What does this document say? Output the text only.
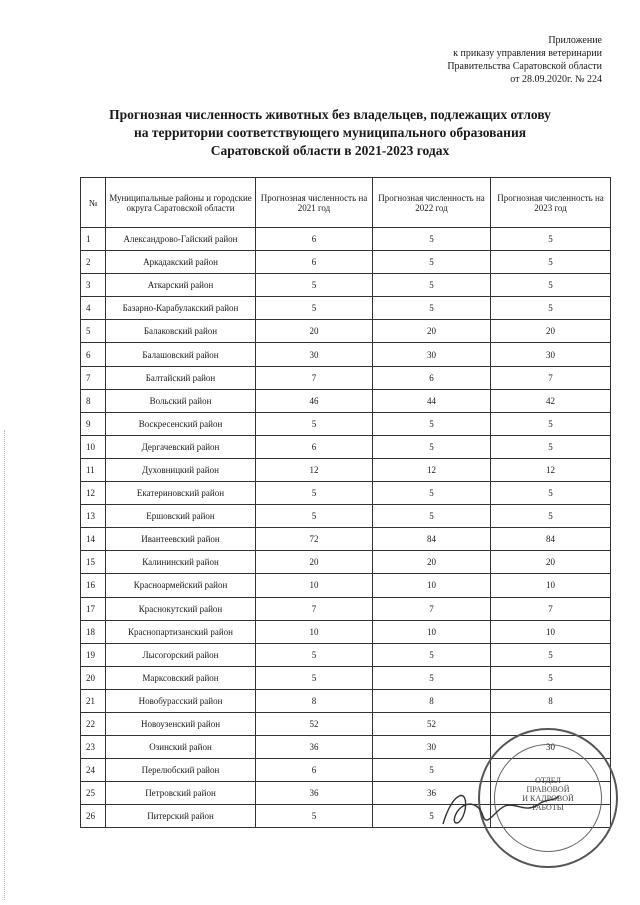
Приложение
к приказу управления ветеринарии
Правительства Саратовской области
от 28.09.2020г. № 224
Прогнозная численность животных без владельцев, подлежащих отлову
на территории соответствующего муниципального образования
Саратовской области в 2021-2023 годах
№	Муниципальные районы и городские округа Саратовской области	Прогнозная численность на 2021 год	Прогнозная численность на 2022 год	Прогнозная численность на 2023 год
1	Александрово-Гайский район	6	5	5
2	Аркадакский район	6	5	5
3	Аткарский район	5	5	5
4	Базарно-Карабулакский район	5	5	5
5	Балаковский район	20	20	20
6	Балашовский район	30	30	30
7	Балтайский район	7	6	7
8	Вольский район	46	44	42
9	Воскресенский район	5	5	5
10	Дергачевский район	6	5	5
11	Духовницкий район	12	12	12
12	Екатериновский район	5	5	5
13	Ершовский район	5	5	5
14	Ивантеевский район	72	84	84
15	Калининский район	20	20	20
16	Красноармейский район	10	10	10
17	Краснокутский район	7	7	7
18	Краснопартизанский район	10	10	10
19	Лысогорский район	5	5	5
20	Марксовский район	5	5	5
21	Новобурасский район	8	8	8
22	Новоузенский район	52	52	
23	Озинский район	36	30	30
24	Перелюбский район	6	5	
25	Петровский район	36	36	
26	Питерский район	5	5	
ОТДЕЛ
ПРАВОВОЙ
И КАДРОВОЙ
РАБОТЫ
